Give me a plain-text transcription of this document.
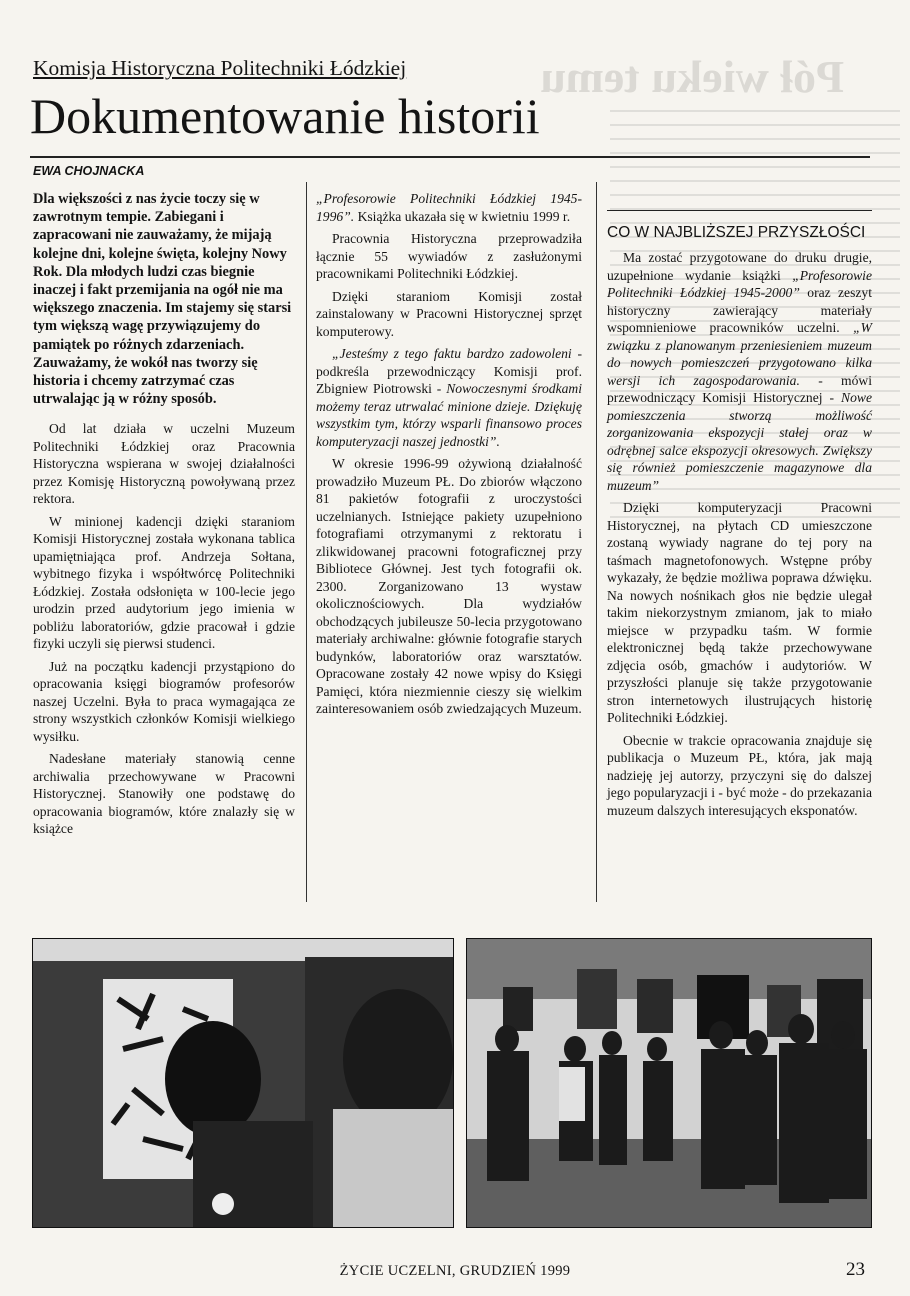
Pół wieku temu
Komisja Historyczna Politechniki Łódzkiej
Dokumentowanie historii
EWA CHOJNACKA

Dla większości z nas życie toczy się w zawrotnym tempie. Zabiegani i zapracowani nie zauważamy, że mijają kolejne dni, kolejne święta, kolejny Nowy Rok. Dla młodych ludzi czas biegnie inaczej i fakt przemijania na ogół nie ma większego znaczenia. Im stajemy się starsi tym większą wagę przywiązujemy do pamiątek po różnych zdarzeniach. Zauważamy, że wokół nas tworzy się historia i chcemy zatrzymać czas utrwalając ją w różny sposób.

Od lat działa w uczelni Muzeum Politechniki Łódzkiej oraz Pracownia Historyczna wspierana w swojej działalności przez Komisję Historyczną powoływaną przez rektora.

W minionej kadencji dzięki staraniom Komisji Historycznej została wykonana tablica upamiętniająca prof. Andrzeja Sołtana, wybitnego fizyka i współtwórcę Politechniki Łódzkiej. Została odsłonięta w 100-lecie jego urodzin przed audytorium jego imienia w pobliżu laboratoriów, gdzie pracował i gdzie fizyki uczyli się pierwsi studenci.

Już na początku kadencji przystąpiono do opracowania księgi biogramów profesorów naszej Uczelni. Była to praca wymagająca ze strony wszystkich członków Komisji wielkiego wysiłku.

Nadesłane materiały stanowią cenne archiwalia przechowywane w Pracowni Historycznej. Stanowiły one podstawę do opracowania biogramów, które znalazły się w książce

„Profesorowie Politechniki Łódzkiej 1945-1996”. Książka ukazała się w kwietniu 1999 r.

Pracownia Historyczna przeprowadziła łącznie 55 wywiadów z zasłużonymi pracownikami Politechniki Łódzkiej.

Dzięki staraniom Komisji został zainstalowany w Pracowni Historycznej sprzęt komputerowy.

„Jesteśmy z tego faktu bardzo zadowoleni - podkreśla przewodniczący Komisji prof. Zbigniew Piotrowski - Nowoczesnymi środkami możemy teraz utrwalać minione dzieje. Dziękuję wszystkim tym, którzy wsparli finansowo proces komputeryzacji naszej jednostki”.

W okresie 1996-99 ożywioną działalność prowadziło Muzeum PŁ. Do zbiorów włączono 81 pakietów fotografii z uroczystości uczelnianych. Istniejące pakiety uzupełniono fotografiami otrzymanymi z rektoratu i zlikwidowanej pracowni fotograficznej przy Bibliotece Głównej. Jest tych fotografii ok. 2300. Zorganizowano 13 wystaw okolicznościowych. Dla wydziałów obchodzących jubileusze 50-lecia przygotowano materiały archiwalne: głównie fotografie starych budynków, laboratoriów oraz warsztatów. Opracowane zostały 42 nowe wpisy do Księgi Pamięci, która niezmiennie cieszy się wielkim zainteresowaniem osób zwiedzających Muzeum.

CO W NAJBLIŻSZEJ PRZYSZŁOŚCI

Ma zostać przygotowane do druku drugie, uzupełnione wydanie książki „Profesorowie Politechniki Łódzkiej 1945-2000” oraz zeszyt historyczny zawierający materiały wspomnieniowe pracowników uczelni. „W związku z planowanym przeniesieniem muzeum do nowych pomieszczeń przygotowano kilka wersji ich zagospodarowania. - mówi przewodniczący Komisji Historycznej - Nowe pomieszczenia stworzą możliwość zorganizowania ekspozycji stałej oraz w odrębnej salce ekspozycji okresowych. Zwiększy się również pomieszczenie magazynowe dla muzeum”

Dzięki komputeryzacji Pracowni Historycznej, na płytach CD umieszczone zostaną wywiady nagrane do tej pory na taśmach magnetofonowych. Wstępne próby wykazały, że będzie możliwa poprawa dźwięku. Na nowych nośnikach głos nie będzie ulegał takim niekorzystnym zmianom, jak to miało miejsce w przypadku taśm. W formie elektronicznej będą także przechowywane zdjęcia osób, gmachów i audytoriów. W przyszłości planuje się także przygotowanie stron internetowych ilustrujących historię Politechniki Łódzkiej.

Obecnie w trakcie opracowania znajduje się publikacja o Muzeum PŁ, która, jak mają nadzieję jej autorzy, przyczyni się do dalszej jego popularyzacji i - być może - do przekazania muzeum dalszych interesujących eksponatów.

ŻYCIE UCZELNI, GRUDZIEŃ 1999	23
